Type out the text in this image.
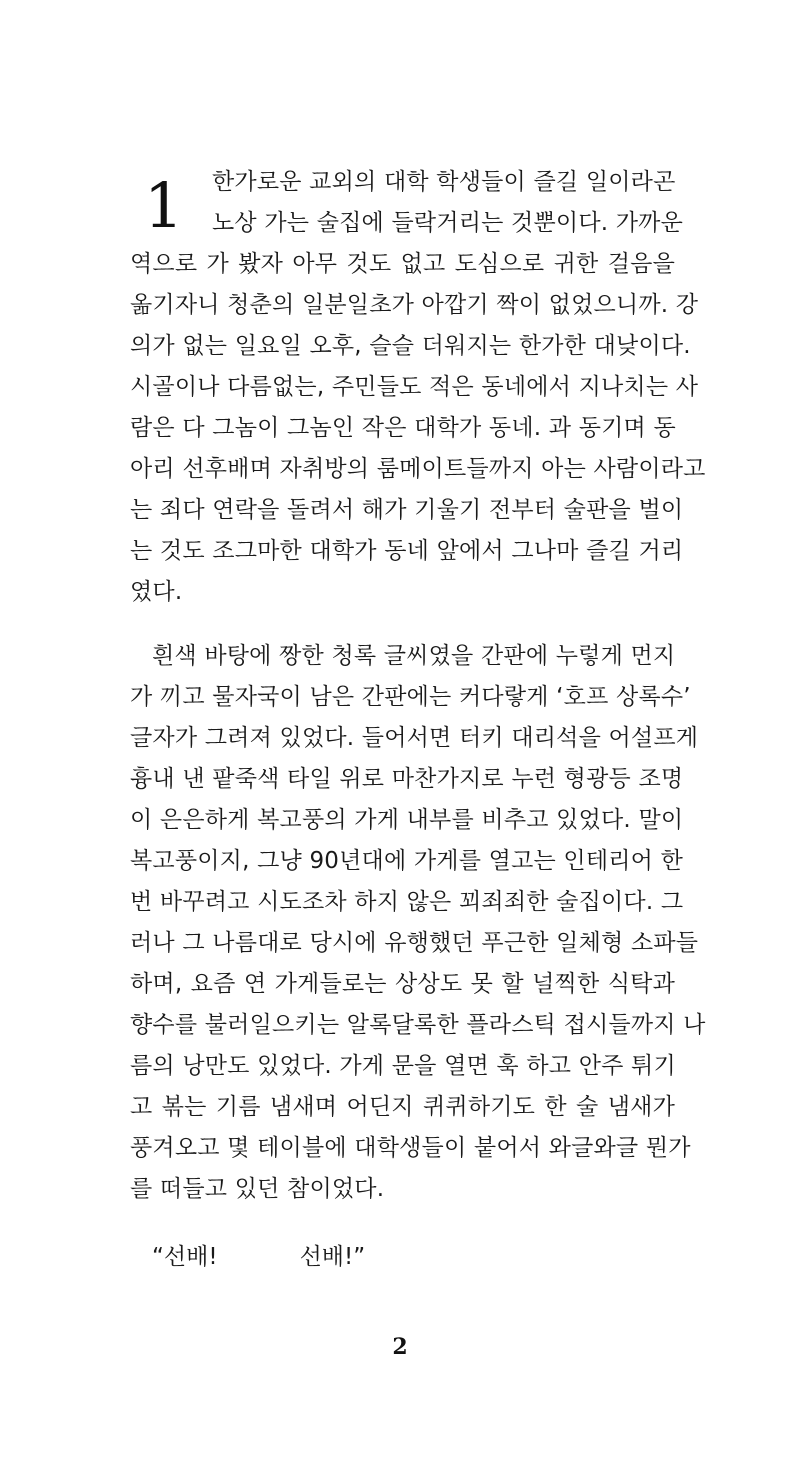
1	한가로운 교외의 대학 학생들이 즐길 일이라곤
노상 가는 술집에 들락거리는 것뿐이다. 가까운
역으로 가 봤자 아무 것도 없고 도심으로 귀한 걸음을
옮기자니 청춘의 일분일초가 아깝기 짝이 없었으니까. 강
의가 없는 일요일 오후, 슬슬 더워지는 한가한 대낮이다.
시골이나 다름없는, 주민들도 적은 동네에서 지나치는 사
람은 다 그놈이 그놈인 작은 대학가 동네. 과 동기며 동
아리 선후배며 자취방의 룸메이트들까지 아는 사람이라고
는 죄다 연락을 돌려서 해가 기울기 전부터 술판을 벌이
는 것도 조그마한 대학가 동네 앞에서 그나마 즐길 거리
였다.
흰색 바탕에 짱한 청록 글씨였을 간판에 누렇게 먼지
가 끼고 물자국이 남은 간판에는 커다랗게 ‘호프 상록수’
글자가 그려져 있었다. 들어서면 터키 대리석을 어설프게
흉내 낸 팥죽색 타일 위로 마찬가지로 누런 형광등 조명
이 은은하게 복고풍의 가게 내부를 비추고 있었다. 말이
복고풍이지, 그냥 90년대에 가게를 열고는 인테리어 한
번 바꾸려고 시도조차 하지 않은 꾀죄죄한 술집이다. 그
러나 그 나름대로 당시에 유행했던 푸근한 일체형 소파들
하며, 요즘 연 가게들로는 상상도 못 할 널찍한 식탁과
향수를 불러일으키는 알록달록한 플라스틱 접시들까지 나
름의 낭만도 있었다. 가게 문을 열면 훅 하고 안주 튀기
고 볶는 기름 냄새며 어딘지 퀴퀴하기도 한 술 냄새가
풍겨오고 몇 테이블에 대학생들이 붙어서 와글와글 뭔가
를 떠들고 있던 참이었다.
“선배!	선배!”
2
